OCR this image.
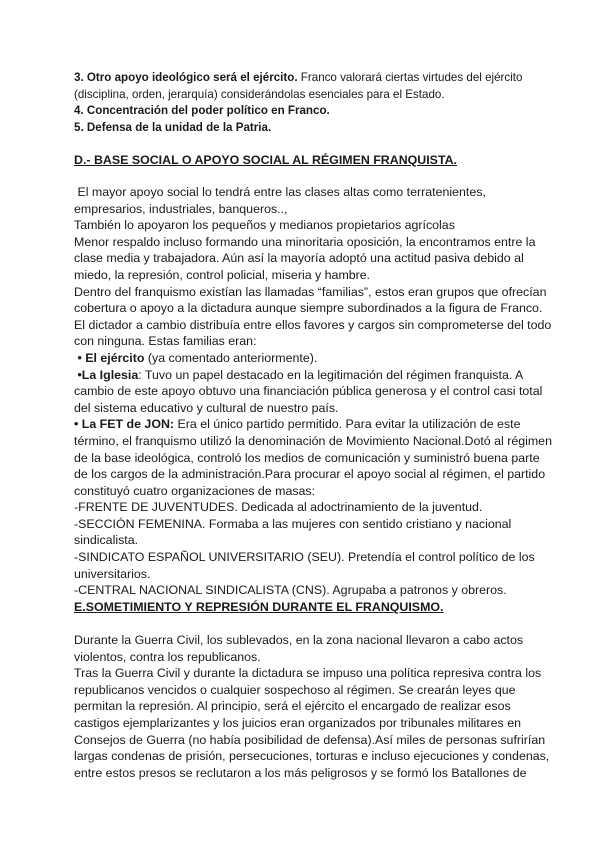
3. Otro apoyo ideológico será el ejército. Franco valorará ciertas virtudes del ejército
(disciplina, orden, jerarquía) considerándolas esenciales para el Estado.
4. Concentración del poder político en Franco.
5. Defensa de la unidad de la Patria.
D.- BASE SOCIAL O APOYO SOCIAL AL RÉGIMEN FRANQUISTA.
El mayor apoyo social lo tendrá entre las clases altas como terratenientes,
empresarios, industriales, banqueros..,
También lo apoyaron los pequeños y medianos propietarios agrícolas
Menor respaldo incluso formando una minoritaria oposición, la encontramos entre la
clase media y trabajadora. Aún así la mayoría adoptó una actitud pasiva debido al
miedo, la represión, control policial, miseria y hambre.
Dentro del franquismo existían las llamadas “familias”, estos eran grupos que ofrecían
cobertura o apoyo a la dictadura aunque siempre subordinados a la figura de Franco.
El dictador a cambio distribuía entre ellos favores y cargos sin comprometerse del todo
con ninguna. Estas familias eran:
• El ejército (ya comentado anteriormente).
•La Iglesia: Tuvo un papel destacado en la legitimación del régimen franquista. A
cambio de este apoyo obtuvo una financiación pública generosa y el control casi total
del sistema educativo y cultural de nuestro país.
• La FET de JON: Era el único partido permitido. Para evitar la utilización de este
término, el franquismo utilizó la denominación de Movimiento Nacional.Dotó al régimen
de la base ideológica, controló los medios de comunicación y suministró buena parte
de los cargos de la administración.Para procurar el apoyo social al régimen, el partido
constituyó cuatro organizaciones de masas:
-FRENTE DE JUVENTUDES. Dedicada al adoctrinamiento de la juventud.
-SECCIÓN FEMENINA. Formaba a las mujeres con sentido cristiano y nacional
sindicalista.
-SINDICATO ESPAÑOL UNIVERSITARIO (SEU). Pretendía el control político de los
universitarios.
-CENTRAL NACIONAL SINDICALISTA (CNS). Agrupaba a patronos y obreros.
E.SOMETIMIENTO Y REPRESIÓN DURANTE EL FRANQUISMO.
Durante la Guerra Civil, los sublevados, en la zona nacional llevaron a cabo actos
violentos, contra los republicanos.
Tras la Guerra Civil y durante la dictadura se impuso una política represiva contra los
republicanos vencidos o cualquier sospechoso al régimen. Se crearán leyes que
permitan la represión. Al principio, será el ejército el encargado de realizar esos
castigos ejemplarizantes y los juicios eran organizados por tribunales militares en
Consejos de Guerra (no había posibilidad de defensa).Así miles de personas sufrirían
largas condenas de prisión, persecuciones, torturas e incluso ejecuciones y condenas,
entre estos presos se reclutaron a los más peligrosos y se formó los Batallones de
